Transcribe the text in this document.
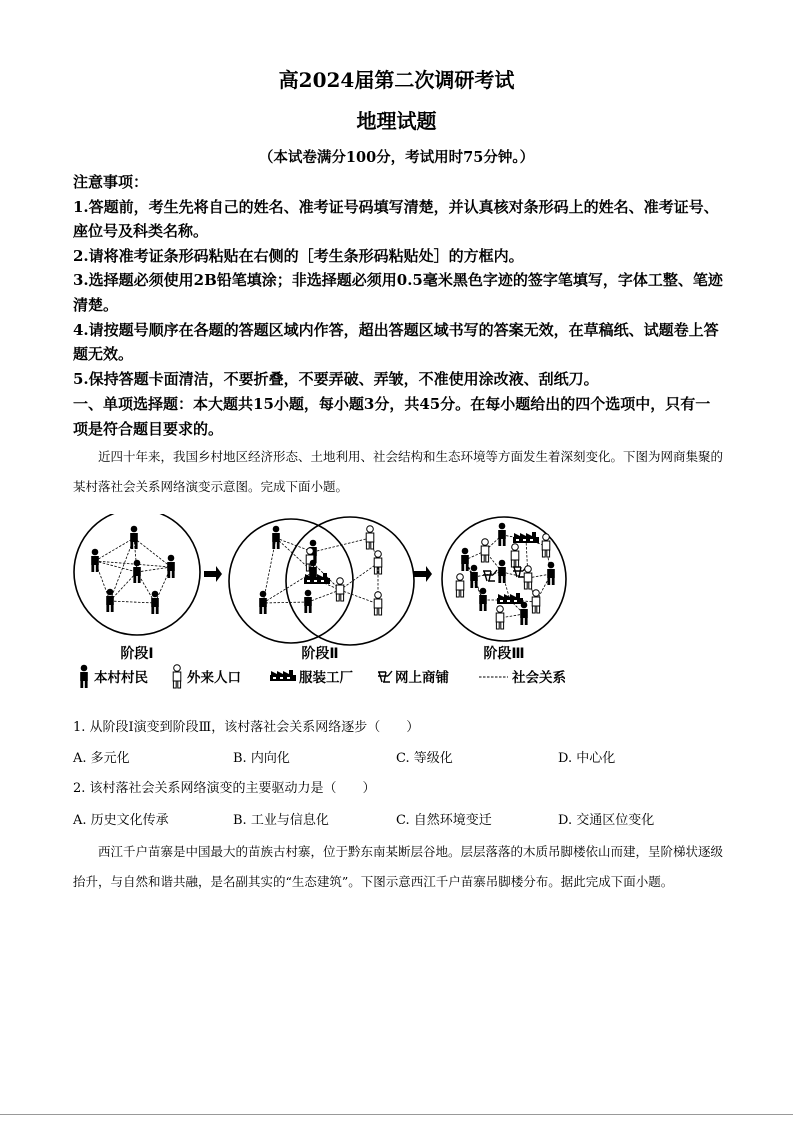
高2024届第二次调研考试
地理试题
（本试卷满分100分，考试用时75分钟。）

注意事项：

1.答题前，考生先将自己的姓名、准考证号码填写清楚，并认真核对条形码上的姓名、准考证号、座位号及科类名称。

2.请将准考证条形码粘贴在右侧的［考生条形码粘贴处］的方框内。

3.选择题必须使用2B铅笔填涂；非选择题必须用0.5毫米黑色字迹的签字笔填写，字体工整、笔迹清楚。

4.请按题号顺序在各题的答题区域内作答，超出答题区域书写的答案无效，在草稿纸、试题卷上答题无效。

5.保持答题卡面清洁，不要折叠，不要弄破、弄皱，不准使用涂改液、刮纸刀。

一、单项选择题：本大题共15小题，每小题3分，共45分。在每小题给出的四个选项中，只有一项是符合题目要求的。

近四十年来，我国乡村地区经济形态、土地利用、社会结构和生态环境等方面发生着深刻变化。下图为网商集聚的某村落社会关系网络演变示意图。完成下面小题。

阶段Ⅰ	阶段Ⅱ	阶段Ⅲ
本村村民	外来人口	服装工厂	网上商铺	社会关系
1. 从阶段Ⅰ演变到阶段Ⅲ，该村落社会关系网络逐步（　　）
A. 多元化	B. 内向化	C. 等级化	D. 中心化
2. 该村落社会关系网络演变的主要驱动力是（　　）
A. 历史文化传承	B. 工业与信息化	C. 自然环境变迁	D. 交通区位变化

西江千户苗寨是中国最大的苗族古村寨，位于黔东南某断层谷地。层层落落的木质吊脚楼依山而建，呈阶梯状逐级抬升，与自然和谐共融，是名副其实的“生态建筑”。下图示意西江千户苗寨吊脚楼分布。据此完成下面小题。
